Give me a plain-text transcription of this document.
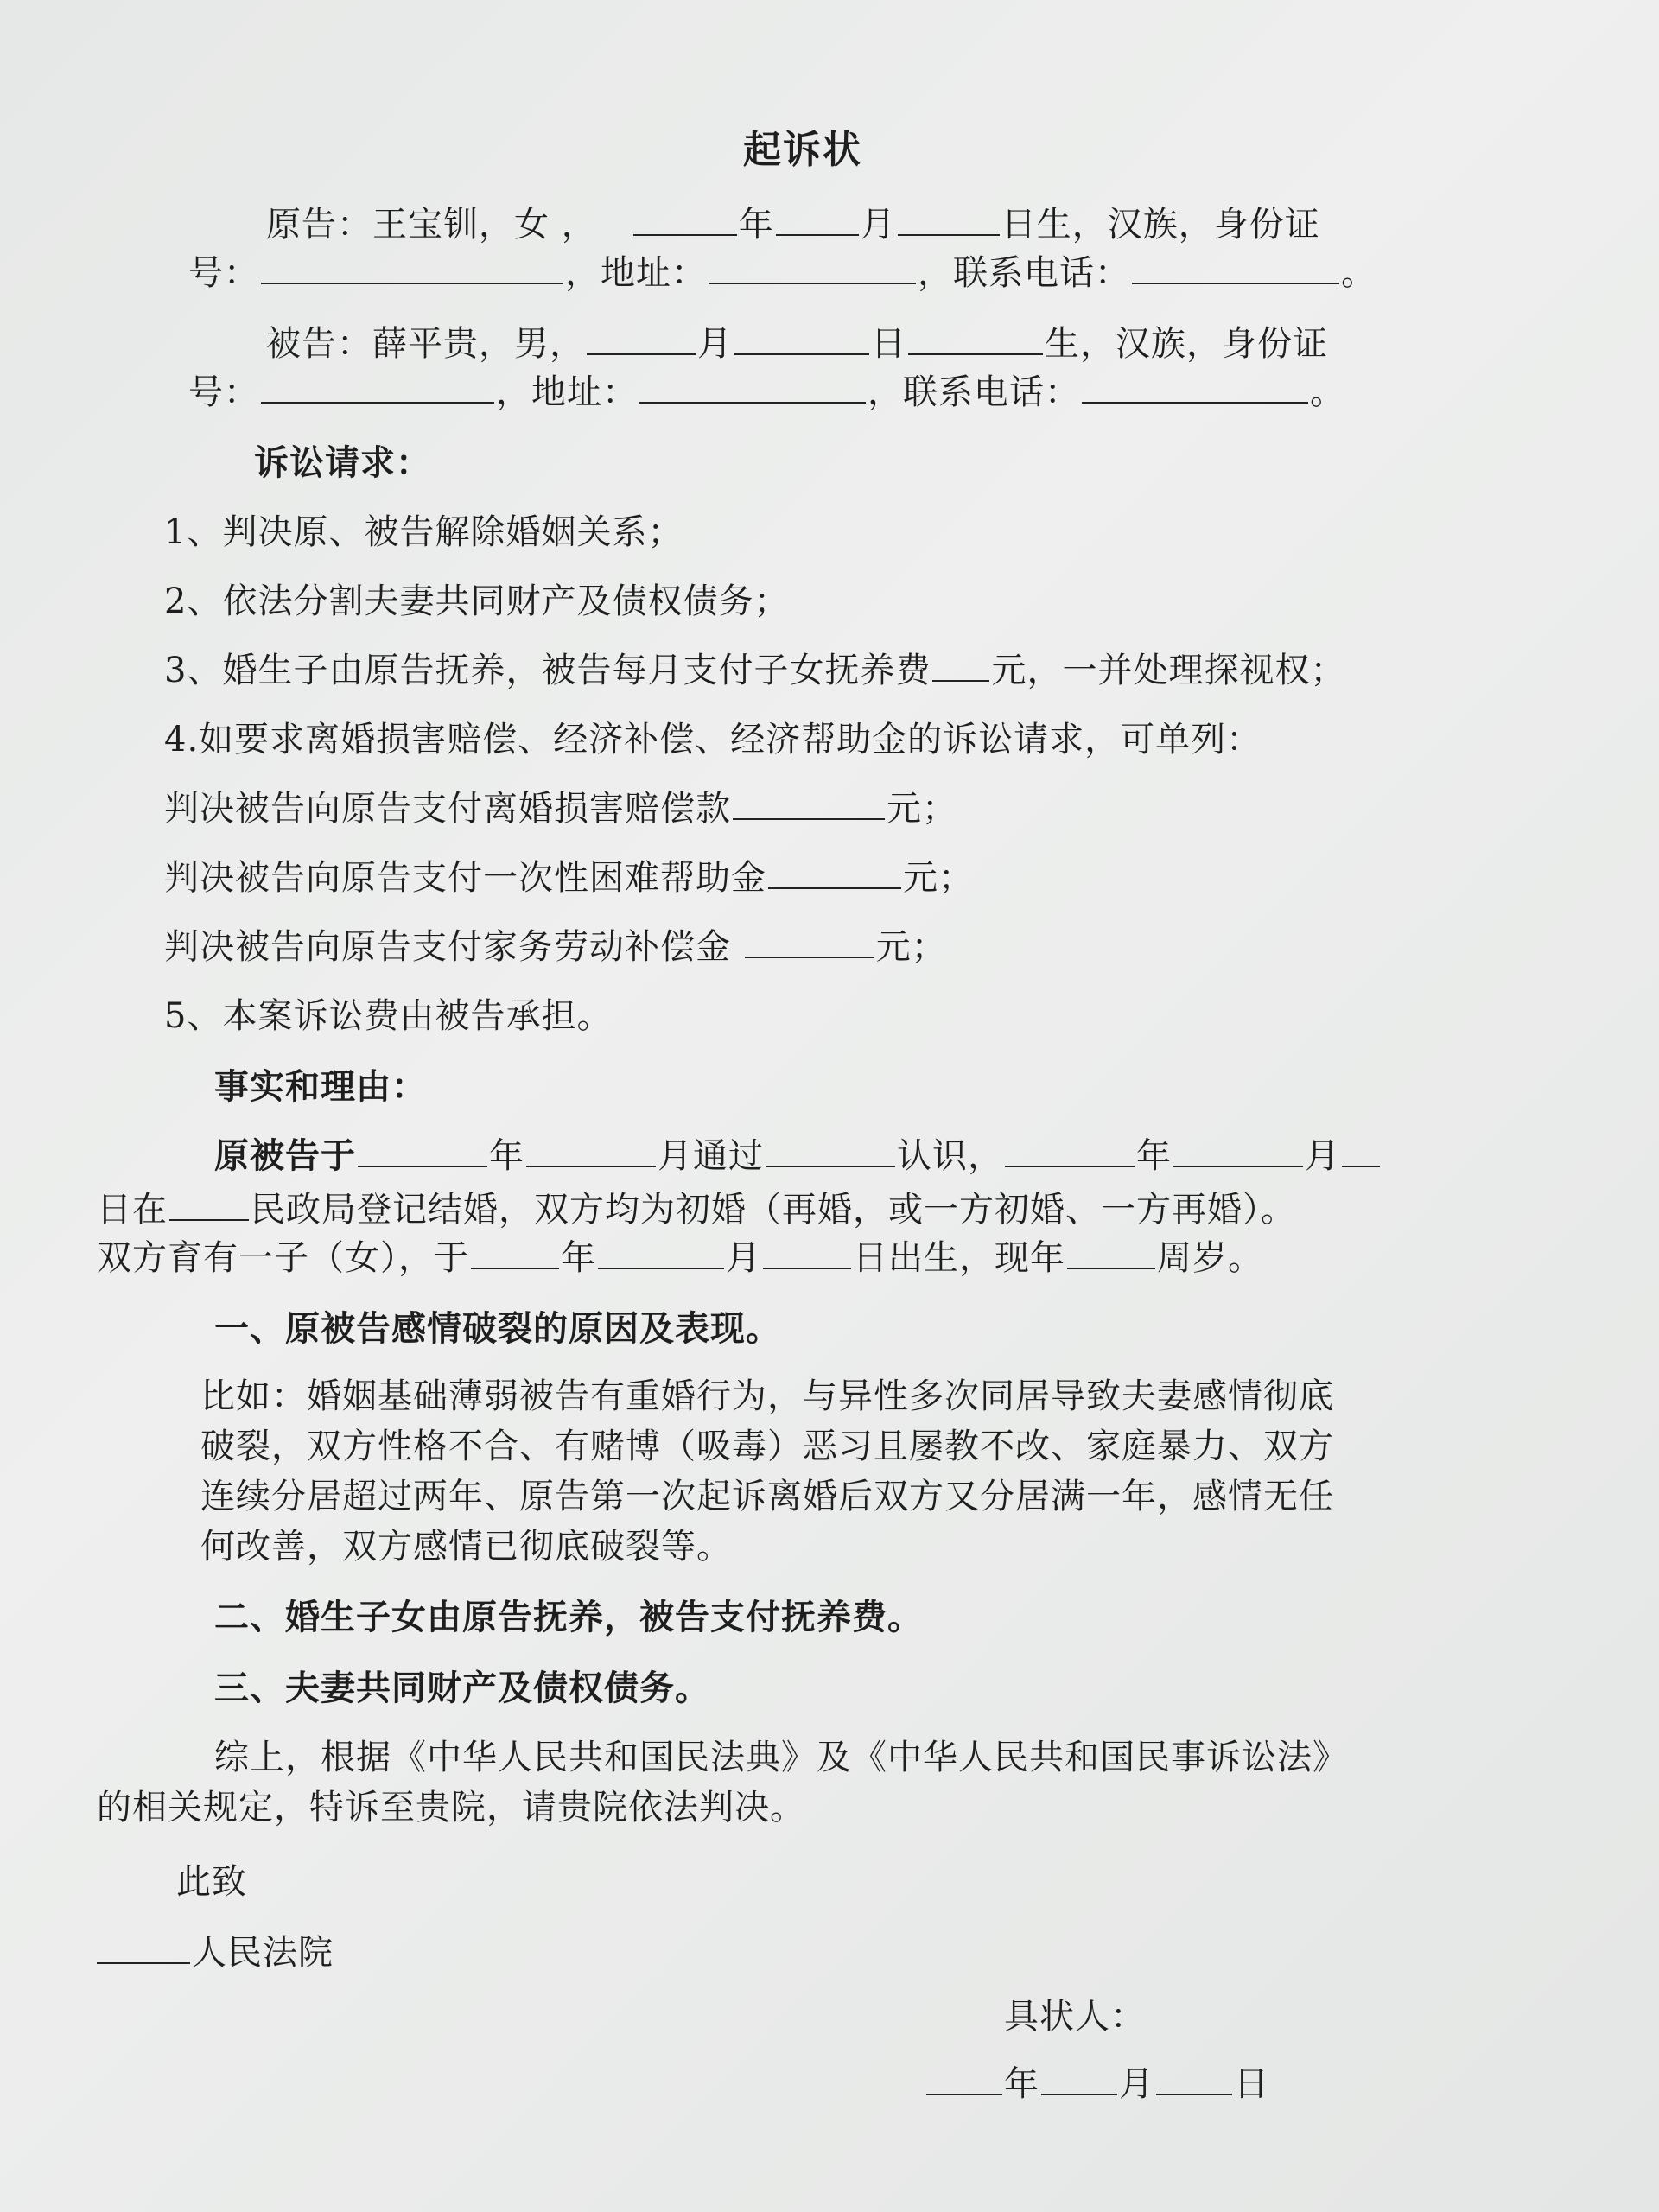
起诉状
原告：王宝钏，女 ，	年	月	日生，汉族，身份证
号：	，地址：	，联系电话：	。
被告：薛平贵，男，	月	日	生，汉族，身份证
号：	，地址：	，联系电话：	。
诉讼请求：
1、判决原、被告解除婚姻关系；
2、依法分割夫妻共同财产及债权债务；
3、婚生子由原告抚养，被告每月支付子女抚养费 元，一并处理探视权；
4.如要求离婚损害赔偿、经济补偿、经济帮助金的诉讼请求，可单列：
判决被告向原告支付离婚损害赔偿款	元；
判决被告向原告支付一次性困难帮助金	元；
判决被告向原告支付家务劳动补偿金	元；
5、本案诉讼费由被告承担。
事实和理由：
原被告于	年	月通过	认识，	年	月
日在 民政局登记结婚，双方均为初婚（再婚，或一方初婚、一方再婚）。
双方育有一子（女），于	年	月	日出生，现年	周岁。
一、原被告感情破裂的原因及表现。
比如：婚姻基础薄弱被告有重婚行为，与异性多次同居导致夫妻感情彻底
破裂，双方性格不合、有赌博（吸毒）恶习且屡教不改、家庭暴力、双方
连续分居超过两年、原告第一次起诉离婚后双方又分居满一年，感情无任
何改善，双方感情已彻底破裂等。
二、婚生子女由原告抚养，被告支付抚养费。
三、夫妻共同财产及债权债务。
综上，根据《中华人民共和国民法典》及《中华人民共和国民事诉讼法》
的相关规定，特诉至贵院，请贵院依法判决。
此致
人民法院
具状人：
年 月 日
